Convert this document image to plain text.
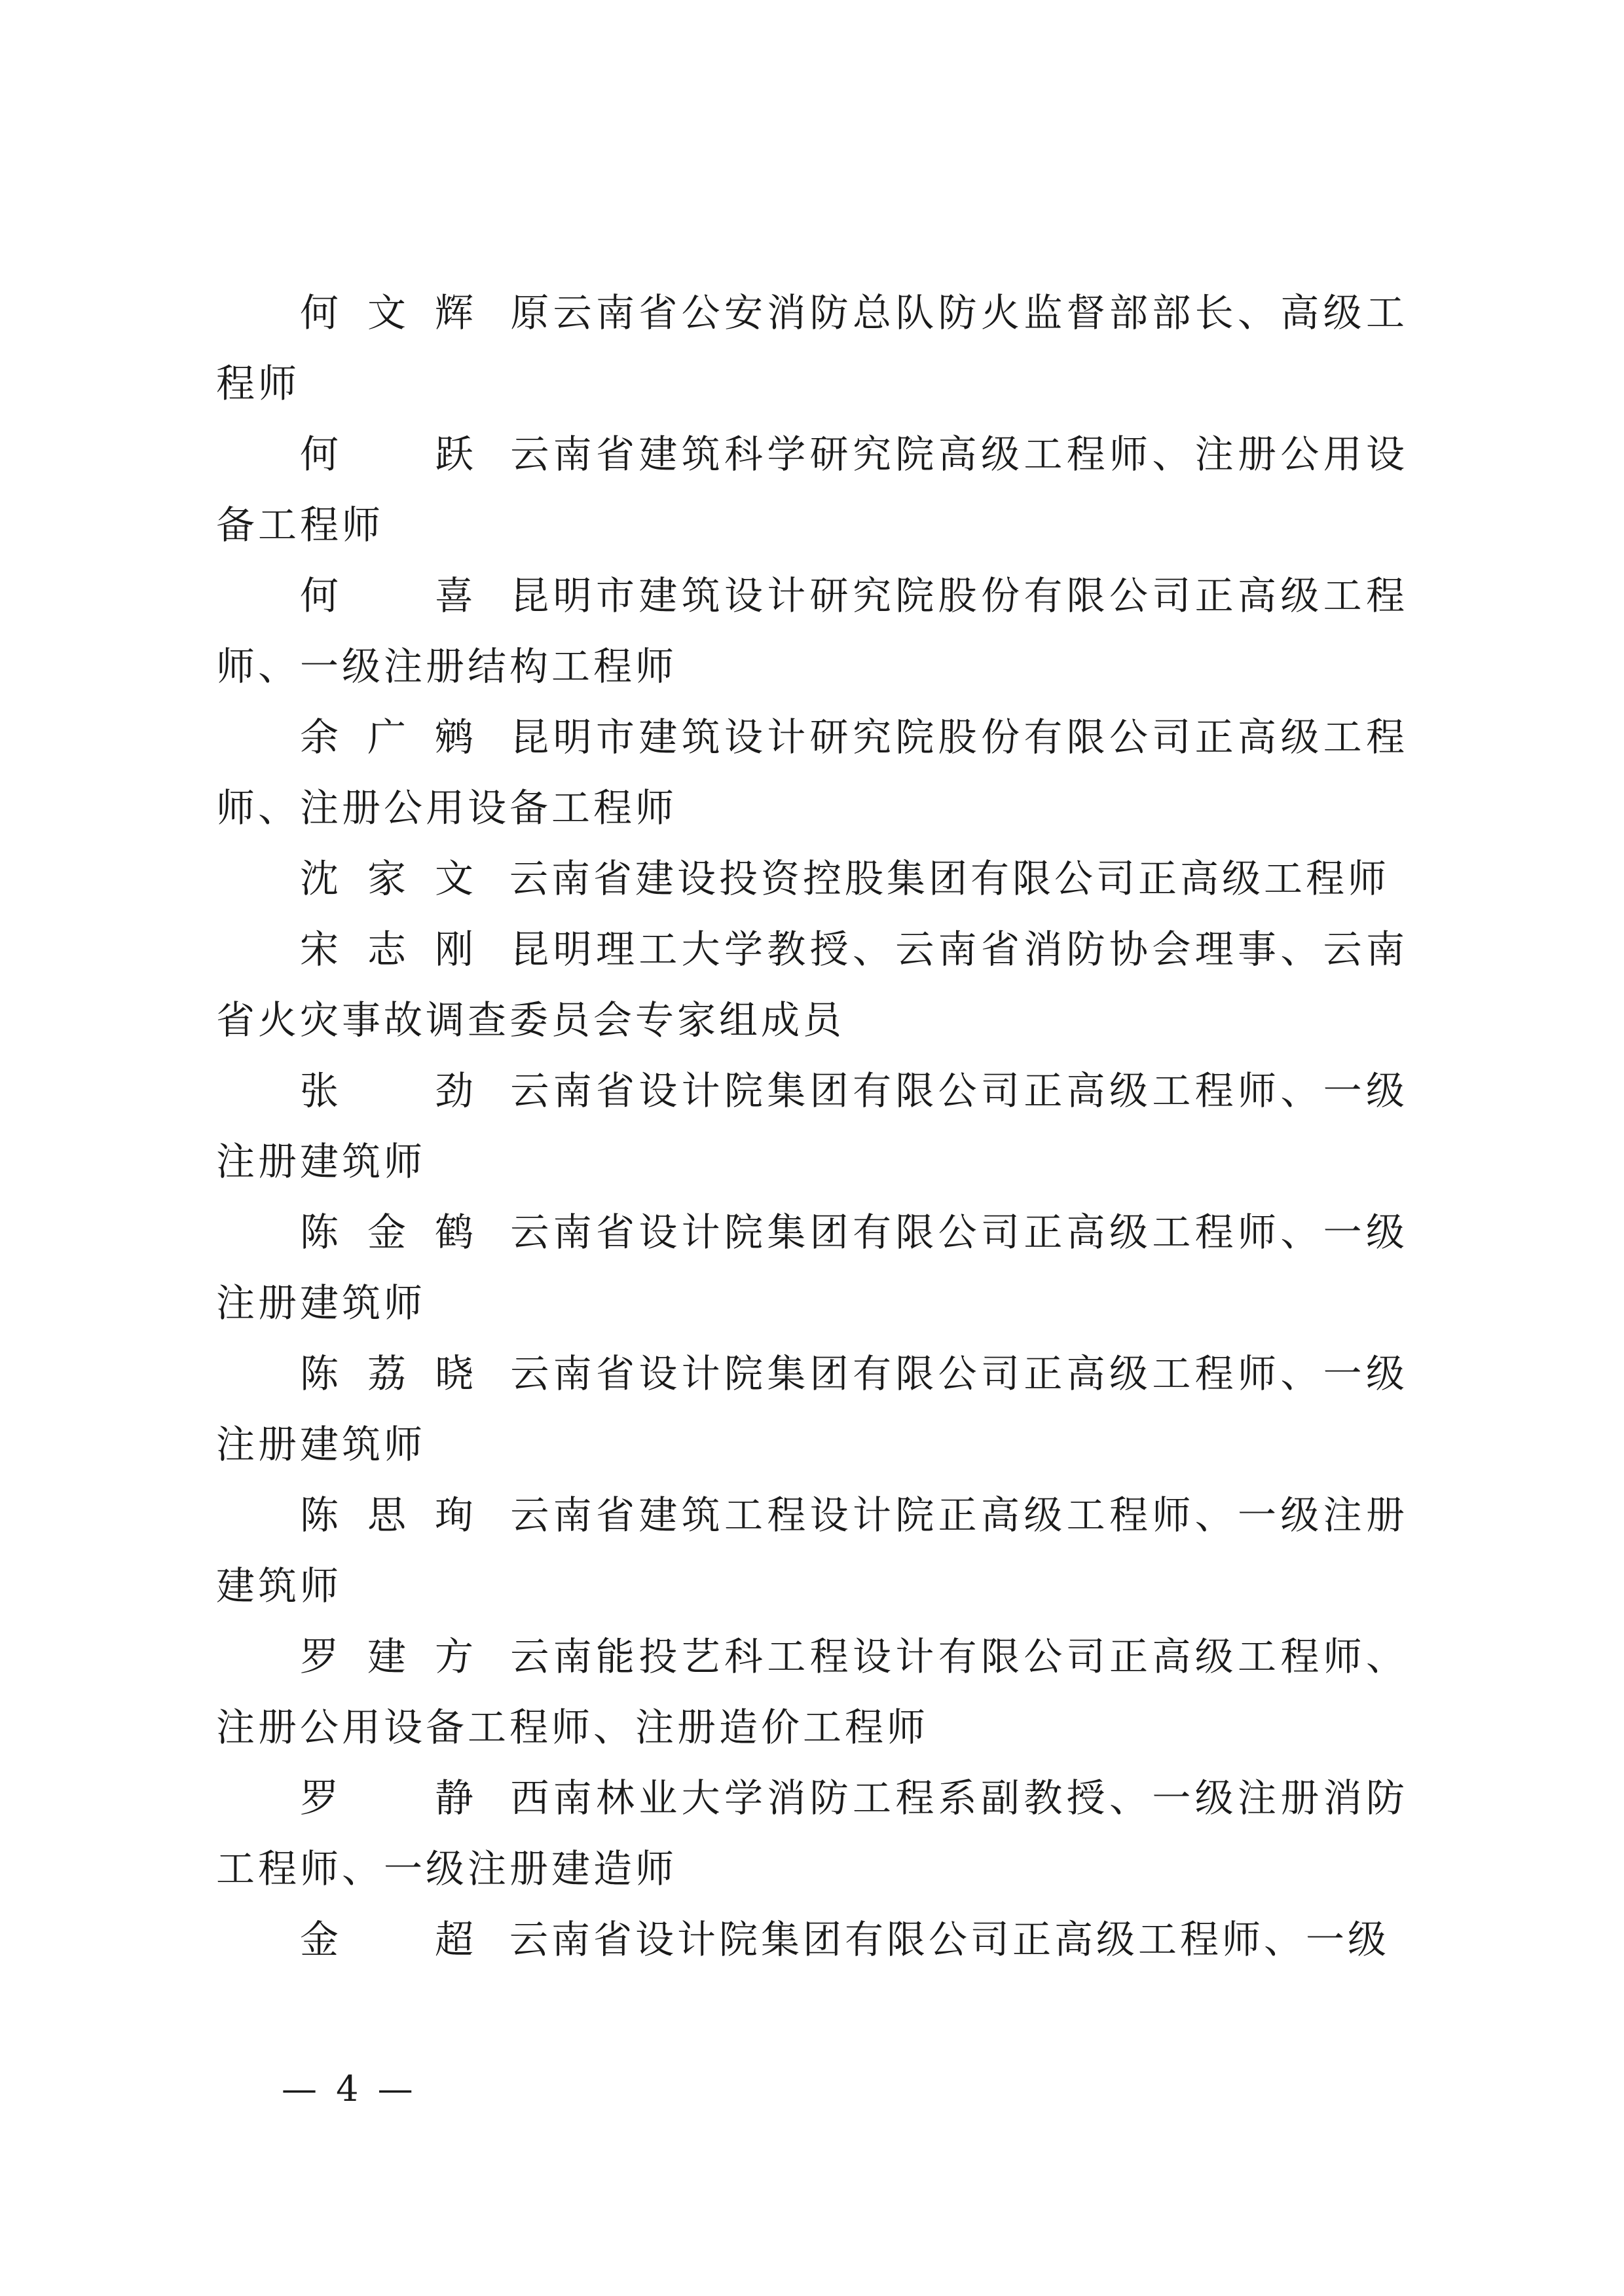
何文辉 原云南省公安消防总队防火监督部部长、高级工程师

何　跃 云南省建筑科学研究院高级工程师、注册公用设备工程师

何　喜 昆明市建筑设计研究院股份有限公司正高级工程师、一级注册结构工程师

余广鹓 昆明市建筑设计研究院股份有限公司正高级工程师、注册公用设备工程师

沈家文 云南省建设投资控股集团有限公司正高级工程师

宋志刚 昆明理工大学教授、云南省消防协会理事、云南省火灾事故调查委员会专家组成员

张　劲 云南省设计院集团有限公司正高级工程师、一级注册建筑师

陈金鹤 云南省设计院集团有限公司正高级工程师、一级注册建筑师

陈荔晓 云南省设计院集团有限公司正高级工程师、一级注册建筑师

陈思珣 云南省建筑工程设计院正高级工程师、一级注册建筑师

罗建方 云南能投艺科工程设计有限公司正高级工程师、注册公用设备工程师、注册造价工程师

罗　静 西南林业大学消防工程系副教授、一级注册消防工程师、一级注册建造师

金　超 云南省设计院集团有限公司正高级工程师、一级

— 4 —
